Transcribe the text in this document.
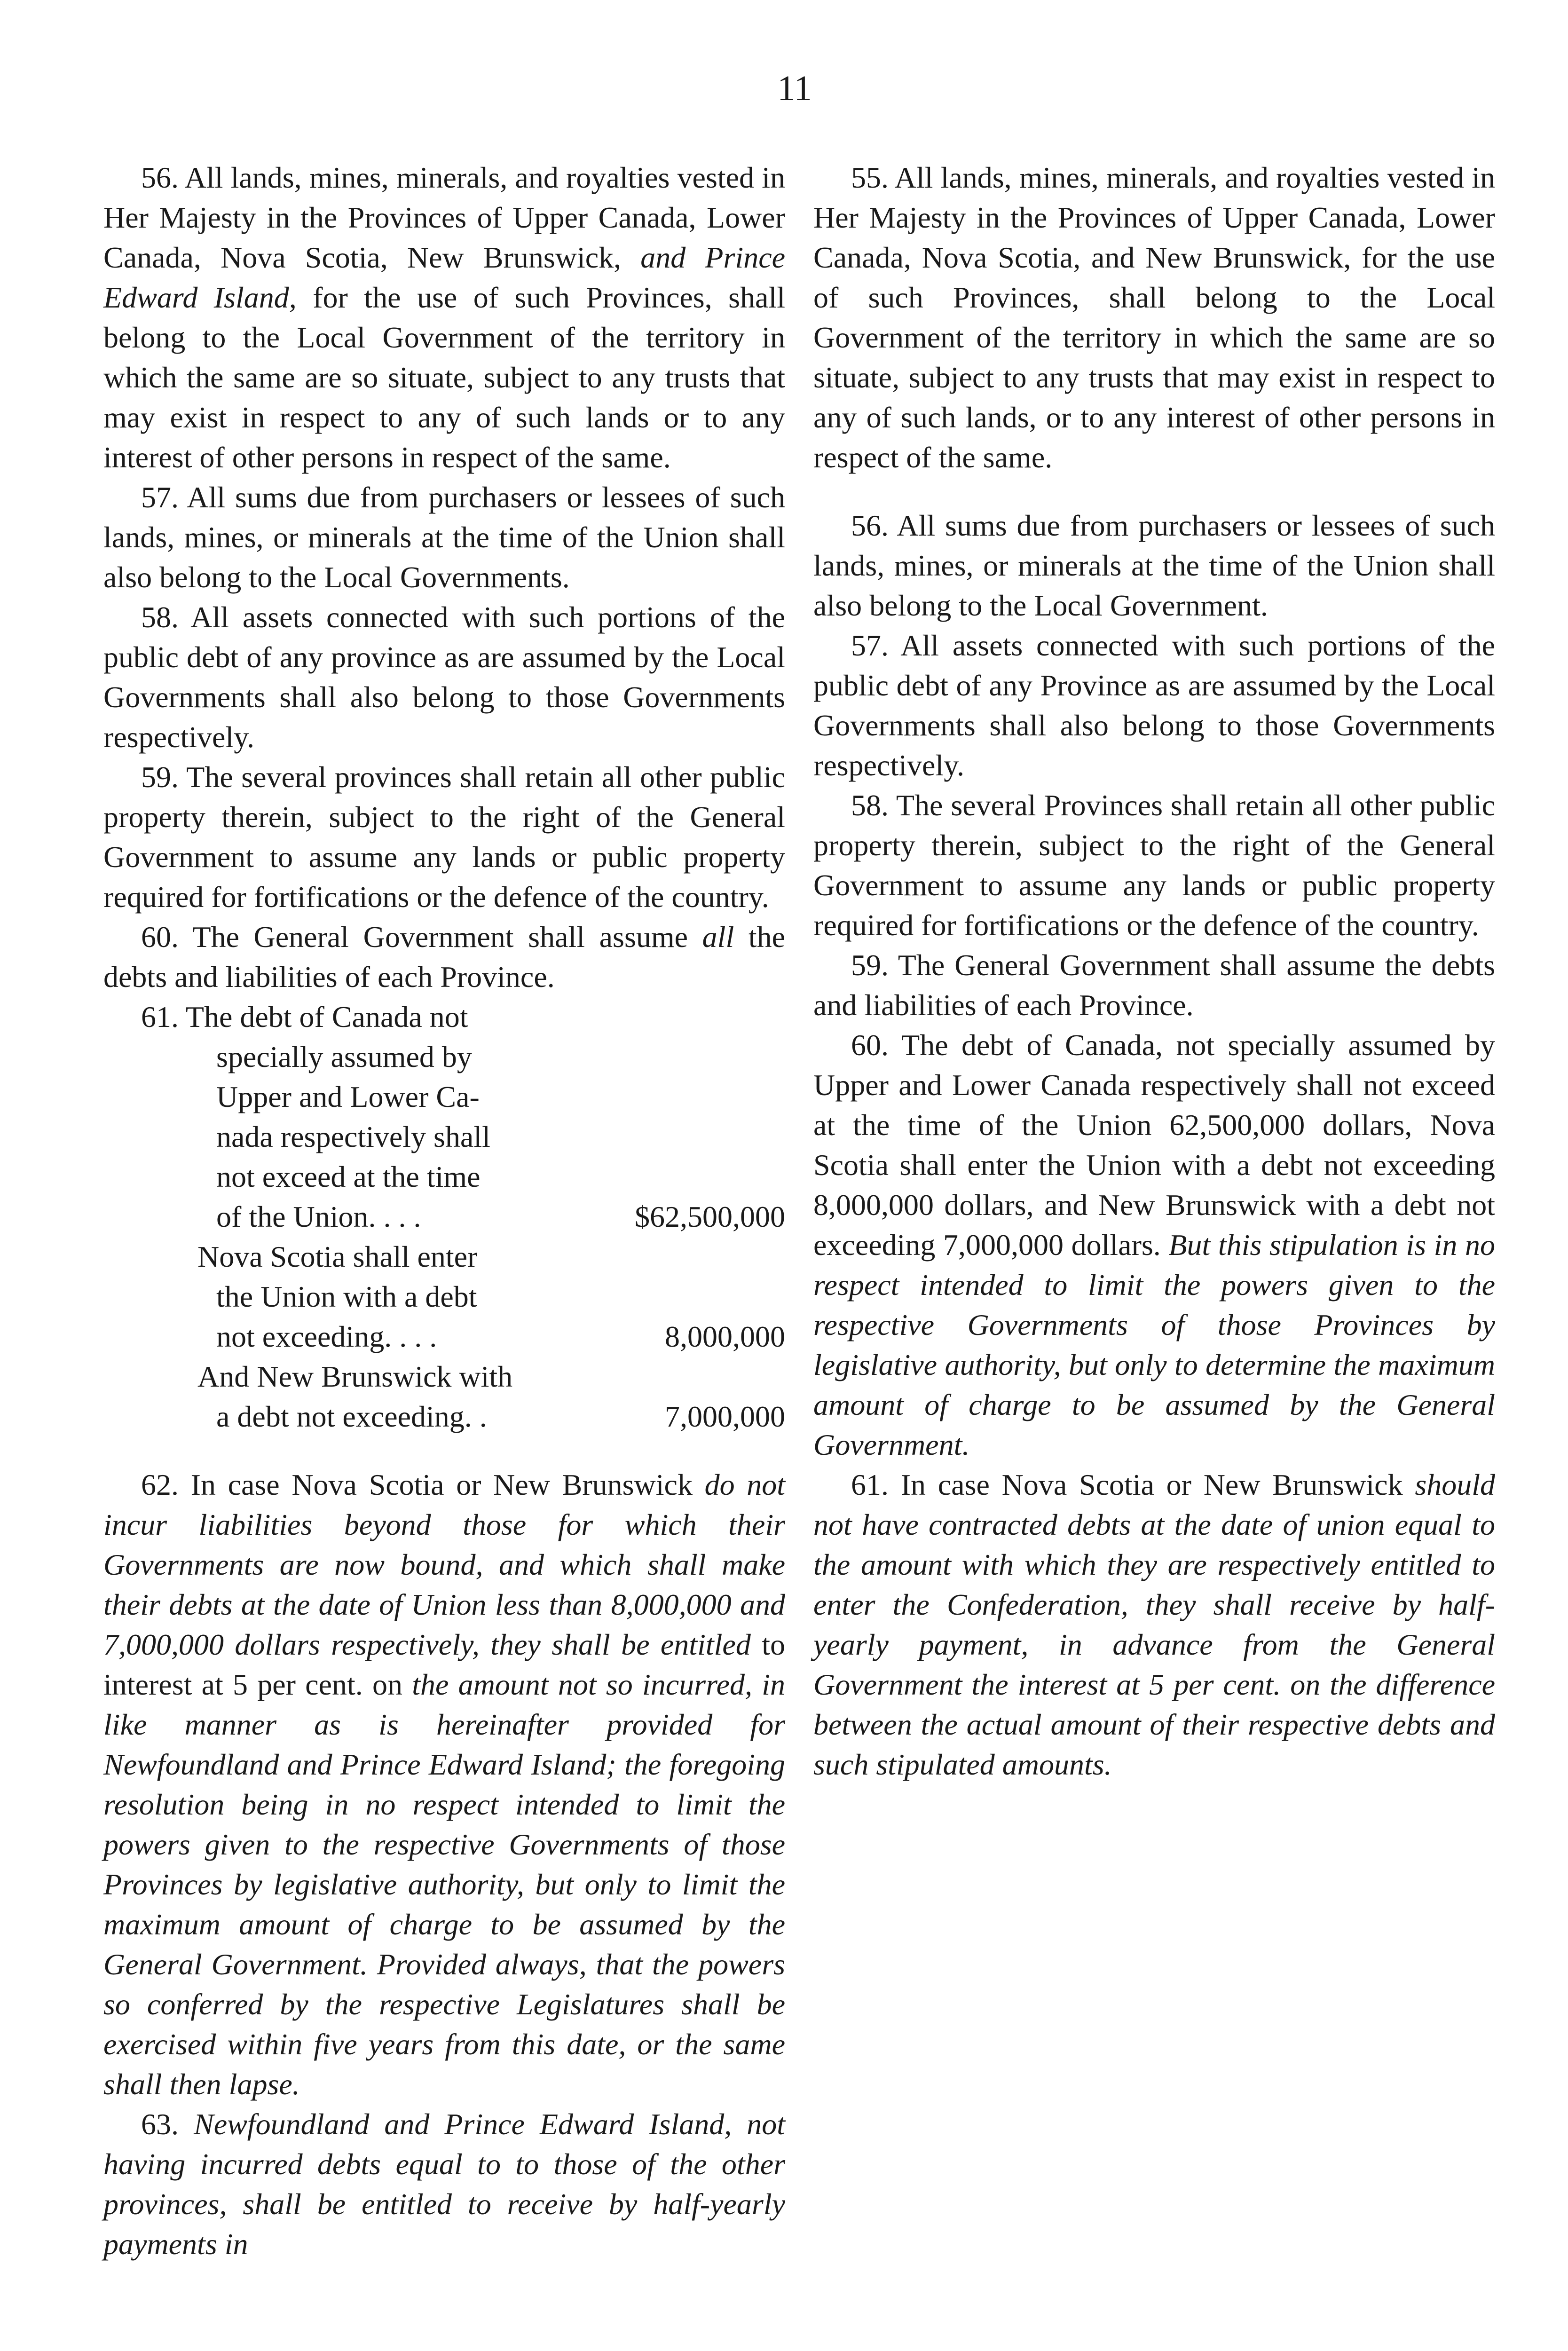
11

56. All lands, mines, minerals, and royalties vested in Her Majesty in the Provinces of Upper Canada, Lower Canada, Nova Scotia, New Brunswick, and Prince Edward Island, for the use of such Provinces, shall belong to the Local Government of the territory in which the same are so situate, subject to any trusts that may exist in respect to any of such lands or to any interest of other persons in respect of the same.

57. All sums due from purchasers or lessees of such lands, mines, or minerals at the time of the Union shall also belong to the Local Governments.

58. All assets connected with such portions of the public debt of any province as are assumed by the Local Governments shall also belong to those Governments respectively.

59. The several provinces shall retain all other public property therein, subject to the right of the General Government to assume any lands or public property required for fortifications or the defence of the country.

60. The General Government shall assume all the debts and liabilities of each Province.

61. The debt of Canada not
specially assumed by
Upper and Lower Ca-
nada respectively shall
not exceed at the time
of the Union. . . .	$62,500,000
Nova Scotia shall enter
the Union with a debt
not exceeding. . . .	8,000,000
And New Brunswick with
a debt not exceeding. .	7,000,000

62. In case Nova Scotia or New Brunswick do not incur liabilities beyond those for which their Governments are now bound, and which shall make their debts at the date of Union less than 8,000,000 and 7,000,000 dollars respectively, they shall be entitled to interest at 5 per cent. on the amount not so incurred, in like manner as is hereinafter provided for Newfoundland and Prince Edward Island; the foregoing resolution being in no respect intended to limit the powers given to the respective Governments of those Provinces by legislative authority, but only to limit the maximum amount of charge to be assumed by the General Government. Provided always, that the powers so conferred by the respective Legislatures shall be exercised within five years from this date, or the same shall then lapse.

63. Newfoundland and Prince Edward Island, not having incurred debts equal to to those of the other provinces, shall be entitled to receive by half-yearly payments in

55. All lands, mines, minerals, and royalties vested in Her Majesty in the Provinces of Upper Canada, Lower Canada, Nova Scotia, and New Brunswick, for the use of such Provinces, shall belong to the Local Government of the territory in which the same are so situate, subject to any trusts that may exist in respect to any of such lands, or to any interest of other persons in respect of the same.

56. All sums due from purchasers or lessees of such lands, mines, or minerals at the time of the Union shall also belong to the Local Government.

57. All assets connected with such portions of the public debt of any Province as are assumed by the Local Governments shall also belong to those Governments respectively.

58. The several Provinces shall retain all other public property therein, subject to the right of the General Government to assume any lands or public property required for fortifications or the defence of the country.

59. The General Government shall assume the debts and liabilities of each Province.

60. The debt of Canada, not specially assumed by Upper and Lower Canada respectively shall not exceed at the time of the Union 62,500,000 dollars, Nova Scotia shall enter the Union with a debt not exceeding 8,000,000 dollars, and New Brunswick with a debt not exceeding 7,000,000 dollars. But this stipulation is in no respect intended to limit the powers given to the respective Governments of those Provinces by legislative authority, but only to determine the maximum amount of charge to be assumed by the General Government.

61. In case Nova Scotia or New Brunswick should not have contracted debts at the date of union equal to the amount with which they are respectively entitled to enter the Confederation, they shall receive by half-yearly payment, in advance from the General Government the interest at 5 per cent. on the difference between the actual amount of their respective debts and such stipulated amounts.
